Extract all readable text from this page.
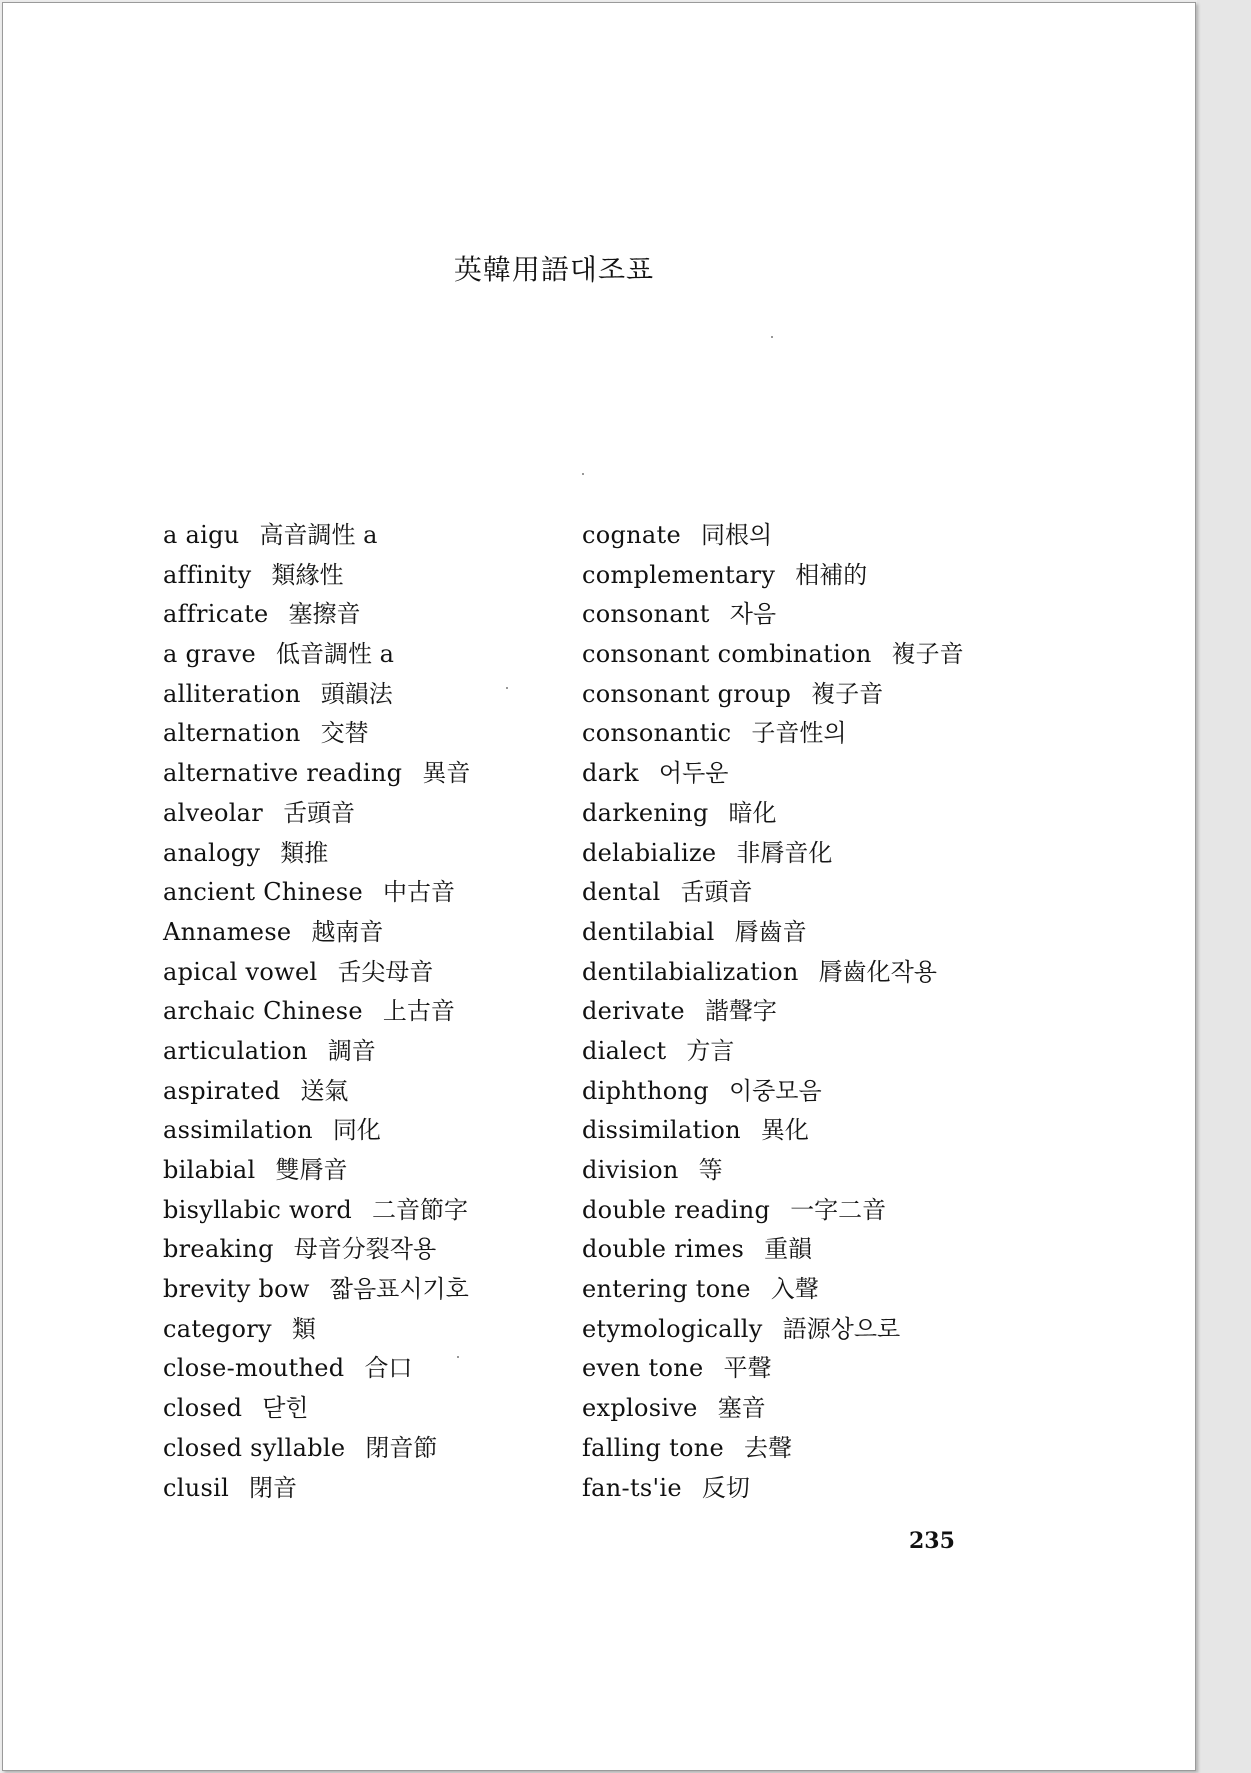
英韓用語대조표
a aigu 高音調性 a
affinity 類緣性
affricate 塞擦音
a grave 低音調性 a
alliteration 頭韻法
alternation 交替
alternative reading 異音
alveolar 舌頭音
analogy 類推
ancient Chinese 中古音
Annamese 越南音
apical vowel 舌尖母音
archaic Chinese 上古音
articulation 調音
aspirated 送氣
assimilation 同化
bilabial 雙脣音
bisyllabic word 二音節字
breaking 母音分裂작용
brevity bow 짧음표시기호
category 類
close-mouthed 合口
closed 닫힌
closed syllable 閉音節
clusil 閉音
cognate 同根의
complementary 相補的
consonant 자음
consonant combination 複子音
consonant group 複子音
consonantic 子音性의
dark 어두운
darkening 暗化
delabialize 非脣音化
dental 舌頭音
dentilabial 脣齒音
dentilabialization 脣齒化작용
derivate 諧聲字
dialect 方言
diphthong 이중모음
dissimilation 異化
division 等
double reading 一字二音
double rimes 重韻
entering tone 入聲
etymologically 語源상으로
even tone 平聲
explosive 塞音
falling tone 去聲
fan-ts'ie 反切
235
